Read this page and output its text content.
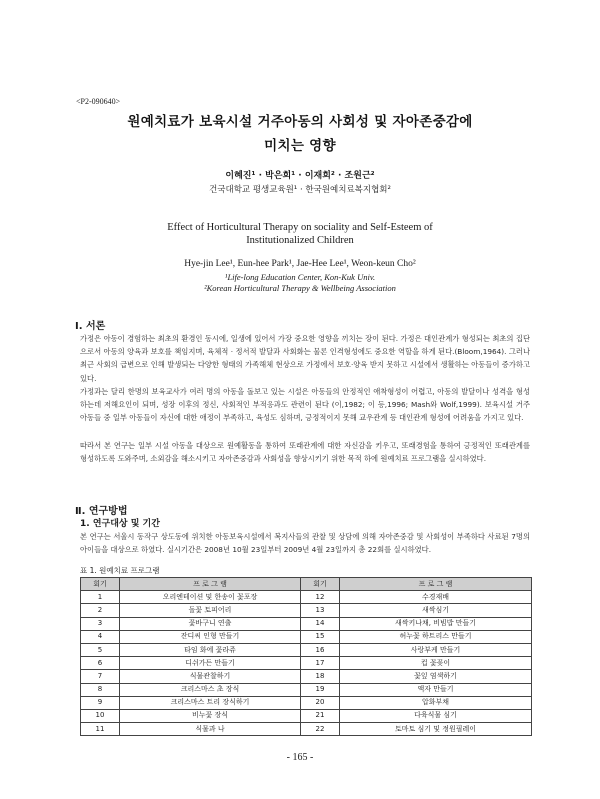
<P2-090640>
원예치료가 보육시설 거주아동의 사회성 및 자아존중감에
미치는 영향
이혜진¹ · 박은희¹ · 이재희² · 조원근²
건국대학교 평생교육원¹ · 한국원예치료복지협회²
Effect of Horticultural Therapy on sociality and Self-Esteem of
Institutionalized Children
Hye-jin Lee¹, Eun-hee Park¹, Jae-Hee Lee¹, Weon-keun Cho²
¹Life-long Education Center, Kon-Kuk Univ.
²Korean Horticultural Therapy & Wellbeing Association
Ⅰ. 서론
가정은 아동이 경험하는 최초의 환경인 동시에, 일생에 있어서 가장 중요한 영향을 끼치는 장이 된다. 가정은 대인관계가 형성되는 최초의 집단으로서 아동의 양육과 보호를 책임지며, 육체적 · 정서적 발달과 사회화는 물론 인격형성에도 중요한 역할을 하게 된다.(Bloom,1964). 그러나 최근 사회의 급변으로 인해 발생되는 다양한 형태의 가족해체 현상으로 가정에서 보호·양육 받지 못하고 시설에서 생활하는 아동들이 증가하고 있다.
가정과는 달리 한명의 보육교사가 여러 명의 아동을 돌보고 있는 시설은 아동들의 안정적인 애착형성이 어렵고, 아동의 발달이나 성격을 형성하는데 저해요인이 되며, 성장 이후의 정신, 사회적인 부적응과도 관련이 된다 (이,1982; 이 등,1996; Mash와 Wolf,1999). 보육시설 거주 아동들 중 일부 아동들이 자신에 대한 애정이 부족하고, 육성도 심하며, 긍정적이지 못해 교우관계 등 대인관계 형성에 어려움을 가지고 있다.
따라서 본 연구는 일부 시설 아동을 대상으로 원예활동을 통하여 또래관계에 대한 자신감을 키우고, 또래경험을 통하여 긍정적인 또래관계를 형성하도록 도와주며, 소외감을 해소시키고 자아존중감과 사회성을 향상시키기 위한 목적 하에 원예치료 프로그램을 실시하였다.
Ⅱ. 연구방법
1. 연구대상 및 기간
본 연구는 서울시 동작구 상도동에 위치한 아동보육시설에서 복지사들의 관찰 및 상담에 의해 자아존중감 및 사회성이 부족하다 사료된 7명의 아이들을 대상으로 하였다. 실시기간은 2008년 10월 23일부터 2009년 4월 23일까지 총 22회를 실시하였다.
표 1. 원예치료 프로그램
회기	프 로 그 램	회기	프 로 그 램
1	오리엔테이션 및 한송이 꽃포장	12	수경재배
2	돌꽃 토피어리	13	새싹심기
3	꽃바구니 연출	14	새싹키나채, 비빔밥 만들기
4	잔디씨 인형 만들기	15	허누꽃 하트리스 만들기
5	타임 화에 꽃라쥬	16	사랑부케 만들기
6	디쉬가든 만들기	17	컵 꽃꽂이
7	식물관찰하기	18	꽃잎 염색하기
8	크리스마스 초 장식	19	액자 만들기
9	크리스마스 트리 장식하기	20	압화부채
10	비누꽃 장식	21	다육식물 심기
11	식물과 나	22	토마토 심기 및 정원필레이
- 165 -
